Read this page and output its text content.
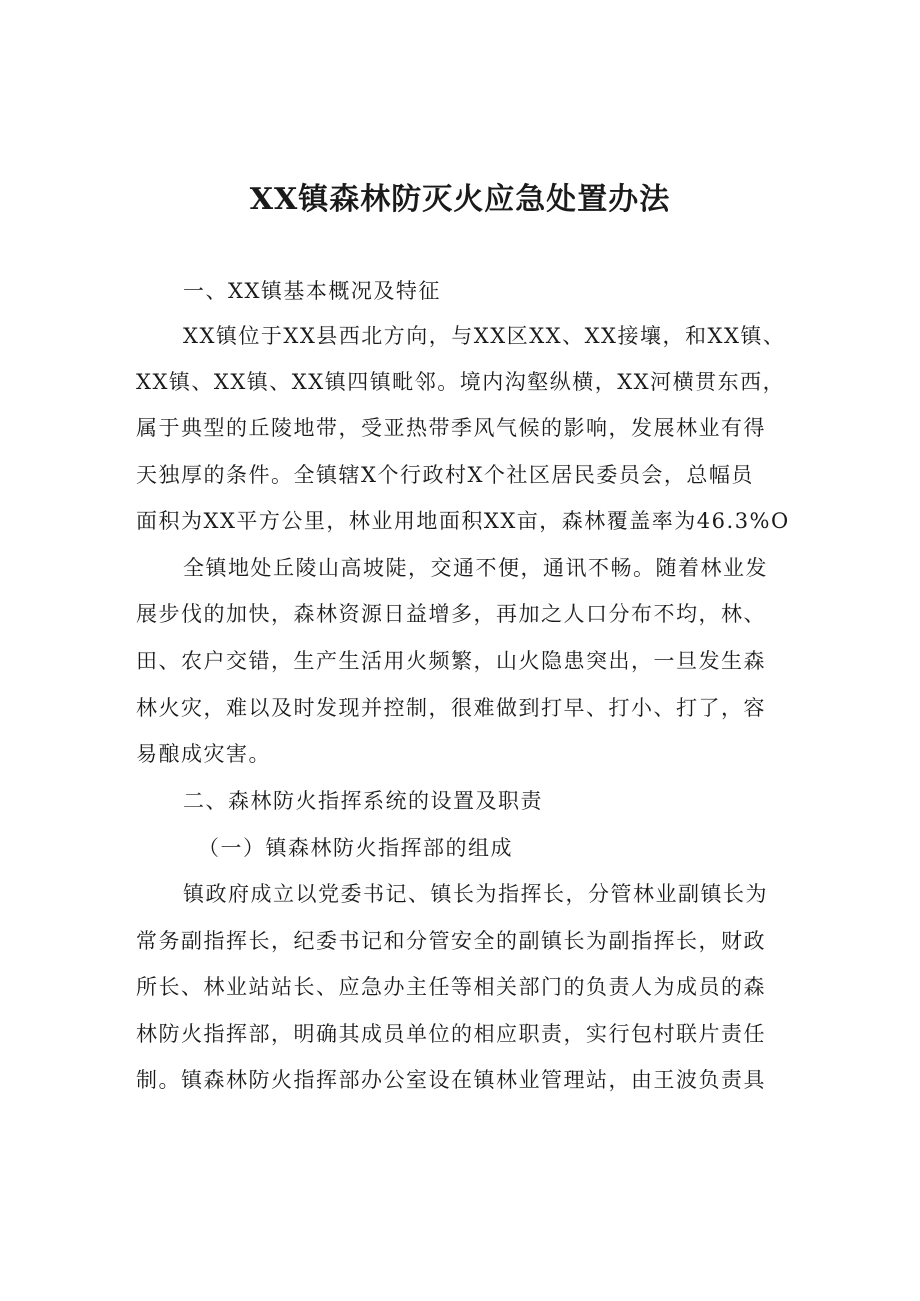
XX镇森林防灭火应急处置办法
一、XX镇基本概况及特征
XX镇位于XX县西北方向，与XX区XX、XX接壤，和XX镇、
XX镇、XX镇、XX镇四镇毗邻。境内沟壑纵横，XX河横贯东西，
属于典型的丘陵地带，受亚热带季风气候的影响，发展林业有得
天独厚的条件。全镇辖X个行政村X个社区居民委员会，总幅员
面积为XX平方公里，林业用地面积XX亩，森林覆盖率为46.3%O
全镇地处丘陵山高坡陡，交通不便，通讯不畅。随着林业发
展步伐的加快，森林资源日益增多，再加之人口分布不均，林、
田、农户交错，生产生活用火频繁，山火隐患突出，一旦发生森
林火灾，难以及时发现并控制，很难做到打早、打小、打了，容
易酿成灾害。
二、森林防火指挥系统的设置及职责
（一）镇森林防火指挥部的组成
镇政府成立以党委书记、镇长为指挥长，分管林业副镇长为
常务副指挥长，纪委书记和分管安全的副镇长为副指挥长，财政
所长、林业站站长、应急办主任等相关部门的负责人为成员的森
林防火指挥部，明确其成员单位的相应职责，实行包村联片责任
制。镇森林防火指挥部办公室设在镇林业管理站，由王波负责具
